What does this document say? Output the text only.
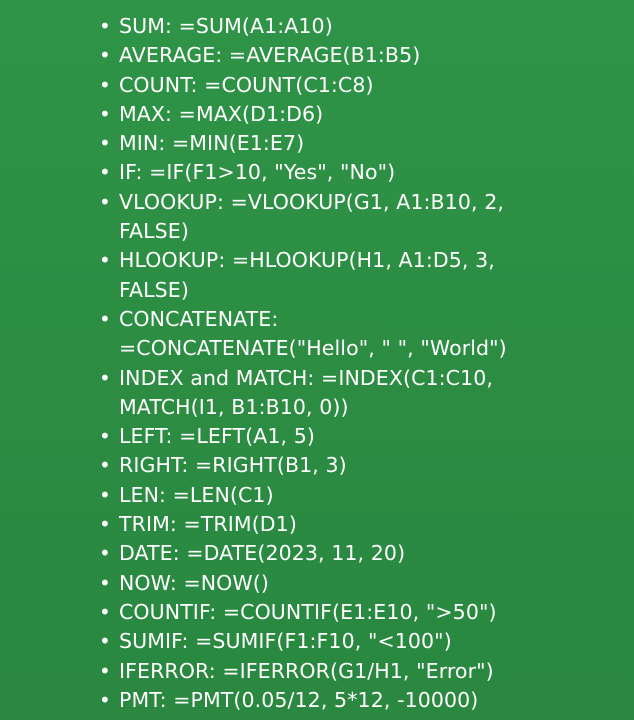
• SUM: =SUM(A1:A10)
• AVERAGE: =AVERAGE(B1:B5)
• COUNT: =COUNT(C1:C8)
• MAX: =MAX(D1:D6)
• MIN: =MIN(E1:E7)
• IF: =IF(F1>10, "Yes", "No")
• VLOOKUP: =VLOOKUP(G1, A1:B10, 2,
FALSE)
• HLOOKUP: =HLOOKUP(H1, A1:D5, 3,
FALSE)
• CONCATENATE:
=CONCATENATE("Hello", " ", "World")
• INDEX and MATCH: =INDEX(C1:C10,
MATCH(I1, B1:B10, 0))
• LEFT: =LEFT(A1, 5)
• RIGHT: =RIGHT(B1, 3)
• LEN: =LEN(C1)
• TRIM: =TRIM(D1)
• DATE: =DATE(2023, 11, 20)
• NOW: =NOW()
• COUNTIF: =COUNTIF(E1:E10, ">50")
• SUMIF: =SUMIF(F1:F10, "<100")
• IFERROR: =IFERROR(G1/H1, "Error")
• PMT: =PMT(0.05/12, 5*12, -10000)
